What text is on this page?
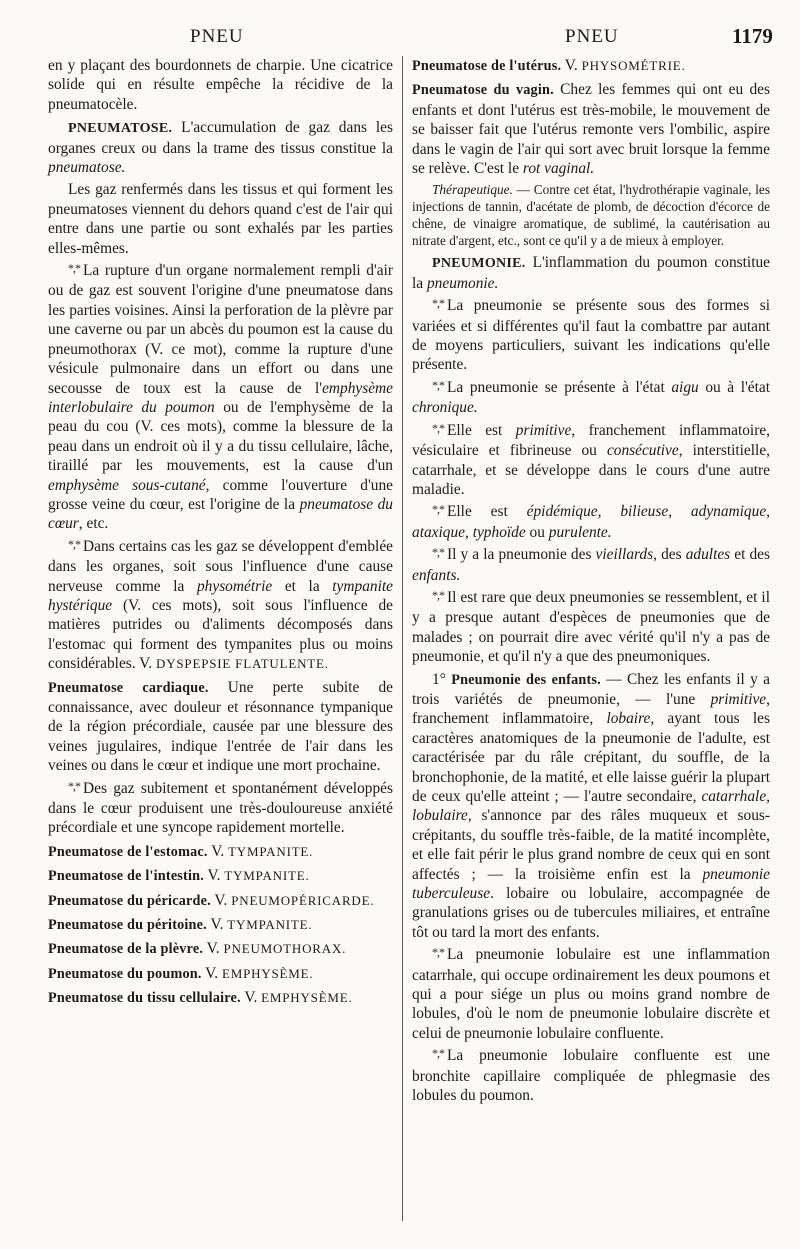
PNEU	PNEU	1179

en y plaçant des bourdonnets de charpie. Une cicatrice solide qui en résulte empêche la récidive de la pneumatocèle.

PNEUMATOSE. L'accumulation de gaz dans les organes creux ou dans la trame des tissus constitue la pneumatose.

Les gaz renfermés dans les tissus et qui forment les pneumatoses viennent du dehors quand c'est de l'air qui entre dans une partie ou sont exhalés par les parties elles-mêmes.

*,* La rupture d'un organe normalement rempli d'air ou de gaz est souvent l'origine d'une pneumatose dans les parties voisines. Ainsi la perforation de la plèvre par une caverne ou par un abcès du poumon est la cause du pneumothorax (V. ce mot), comme la rupture d'une vésicule pulmonaire dans un effort ou dans une secousse de toux est la cause de l'emphysème interlobulaire du poumon ou de l'emphysème de la peau du cou (V. ces mots), comme la blessure de la peau dans un endroit où il y a du tissu cellulaire, lâche, tiraillé par les mouvements, est la cause d'un emphysème sous-cutané, comme l'ouverture d'une grosse veine du cœur, est l'origine de la pneumatose du cœur, etc.

*,* Dans certains cas les gaz se développent d'emblée dans les organes, soit sous l'influence d'une cause nerveuse comme la physométrie et la tympanite hystérique (V. ces mots), soit sous l'influence de matières putrides ou d'aliments décomposés dans l'estomac qui forment des tympanites plus ou moins considérables. V. DYSPEPSIE FLATULENTE.

Pneumatose cardiaque. Une perte subite de connaissance, avec douleur et résonnance tympanique de la région précordiale, causée par une blessure des veines jugulaires, indique l'entrée de l'air dans les veines ou dans le cœur et indique une mort prochaine.

*,* Des gaz subitement et spontanément développés dans le cœur produisent une très-douloureuse anxiété précordiale et une syncope rapidement mortelle.

Pneumatose de l'estomac. V. TYMPANITE.

Pneumatose de l'intestin. V. TYMPANITE.

Pneumatose du péricarde. V. PNEUMOPÉRICARDE.

Pneumatose du péritoine. V. TYMPANITE.

Pneumatose de la plèvre. V. PNEUMOTHORAX.

Pneumatose du poumon. V. EMPHYSÈME.

Pneumatose du tissu cellulaire. V. EMPHYSÈME.

Pneumatose de l'utérus. V. PHYSOMÉTRIE.

Pneumatose du vagin. Chez les femmes qui ont eu des enfants et dont l'utérus est très-mobile, le mouvement de se baisser fait que l'utérus remonte vers l'ombilic, aspire dans le vagin de l'air qui sort avec bruit lorsque la femme se relève. C'est le rot vaginal.

Thérapeutique. — Contre cet état, l'hydrothérapie vaginale, les injections de tannin, d'acétate de plomb, de décoction d'écorce de chêne, de vinaigre aromatique, de sublimé, la cautérisation au nitrate d'argent, etc., sont ce qu'il y a de mieux à employer.

PNEUMONIE. L'inflammation du poumon constitue la pneumonie.

*,* La pneumonie se présente sous des formes si variées et si différentes qu'il faut la combattre par autant de moyens particuliers, suivant les indications qu'elle présente.

*,* La pneumonie se présente à l'état aigu ou à l'état chronique.

*,* Elle est primitive, franchement inflammatoire, vésiculaire et fibrineuse ou consécutive, interstitielle, catarrhale, et se développe dans le cours d'une autre maladie.

*,* Elle est épidémique, bilieuse, adynamique, ataxique, typhoïde ou purulente.

*,* Il y a la pneumonie des vieillards, des adultes et des enfants.

*,* Il est rare que deux pneumonies se ressemblent, et il y a presque autant d'espèces de pneumonies que de malades ; on pourrait dire avec vérité qu'il n'y a pas de pneumonie, et qu'il n'y a que des pneumoniques.

1° Pneumonie des enfants. — Chez les enfants il y a trois variétés de pneumonie, — l'une primitive, franchement inflammatoire, lobaire, ayant tous les caractères anatomiques de la pneumonie de l'adulte, est caractérisée par du râle crépitant, du souffle, de la bronchophonie, de la matité, et elle laisse guérir la plupart de ceux qu'elle atteint ; — l'autre secondaire, catarrhale, lobulaire, s'annonce par des râles muqueux et sous-crépitants, du souffle très-faible, de la matité incomplète, et elle fait périr le plus grand nombre de ceux qui en sont affectés ; — la troisième enfin est la pneumonie tuberculeuse. lobaire ou lobulaire, accompagnée de granulations grises ou de tubercules miliaires, et entraîne tôt ou tard la mort des enfants.

*,* La pneumonie lobulaire est une inflammation catarrhale, qui occupe ordinairement les deux poumons et qui a pour siége un plus ou moins grand nombre de lobules, d'où le nom de pneumonie lobulaire discrète et celui de pneumonie lobulaire confluente.

*,* La pneumonie lobulaire confluente est une bronchite capillaire compliquée de phlegmasie des lobules du poumon.
